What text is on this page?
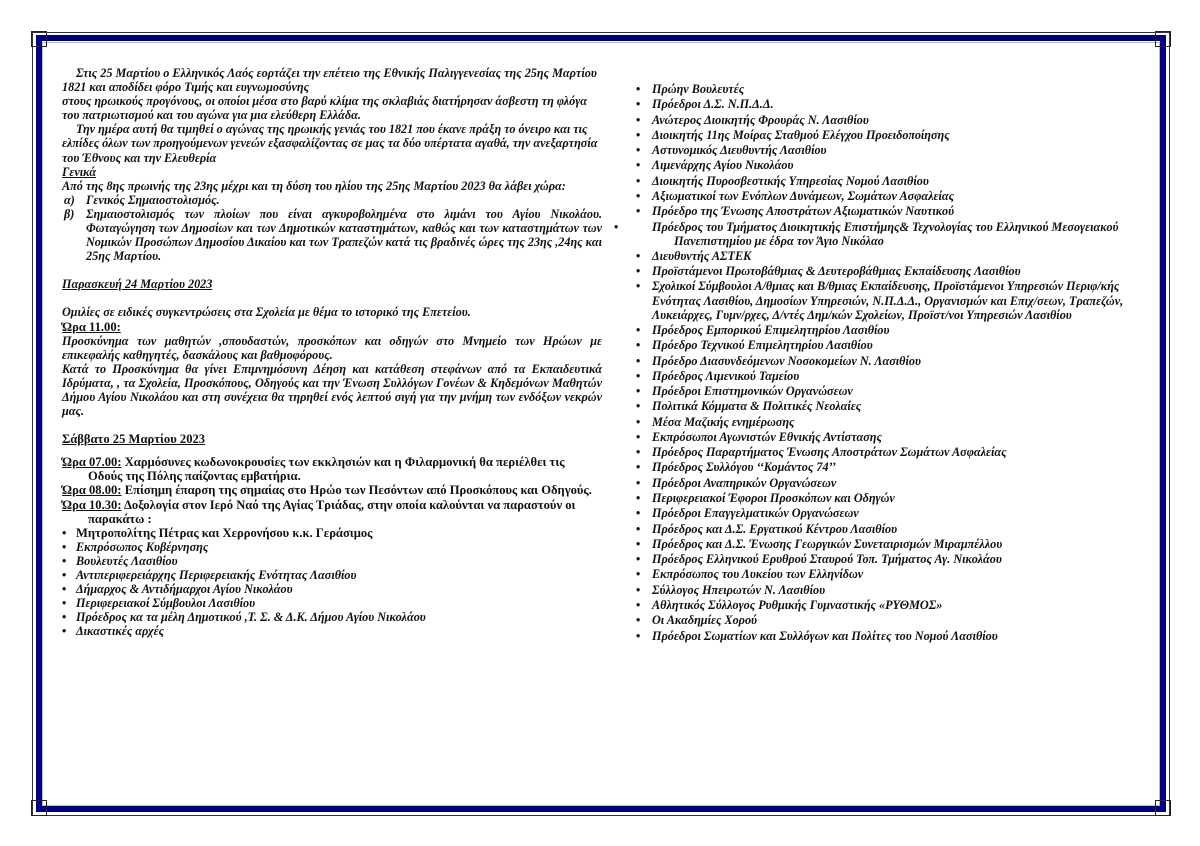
Στις 25 Μαρτίου ο Ελληνικός Λαός εορτάζει την επέτειο της Εθνικής Παλιγγενεσίας της 25ης Μαρτίου 1821 και αποδίδει φόρο Τιμής και ευγνωμοσύνης

στους ηρωικούς προγόνους, οι οποίοι μέσα στο βαρύ κλίμα της σκλαβιάς διατήρησαν άσβεστη τη φλόγα του πατριωτισμού και του αγώνα για μια ελεύθερη Ελλάδα.

Την ημέρα αυτή θα τιμηθεί ο αγώνας της ηρωικής γενιάς του 1821 που έκανε πράξη το όνειρο και τις ελπίδες όλων των προηγούμενων γενεών εξασφαλίζοντας σε μας τα δύο υπέρτατα αγαθά, την ανεξαρτησία του Έθνους και την Ελευθερία

Γενικά

Από της 8ης πρωινής της 23ης μέχρι και τη δύση του ηλίου της 25ης Μαρτίου 2023 θα λάβει χώρα:

α) Γενικός Σημαιοστολισμός.
β) Σημαιοστολισμός των πλοίων που είναι αγκυροβολημένα στο λιμάνι του Αγίου Νικολάου. Φωταγώγηση των Δημοσίων και των Δημοτικών καταστημάτων, καθώς και των καταστημάτων των Νομικών Προσώπων Δημοσίου Δικαίου και των Τραπεζών κατά τις βραδινές ώρες της 23ης ,24ης και 25ης Μαρτίου.

Παρασκευή 24 Μαρτίου 2023

Ομιλίες σε ειδικές συγκεντρώσεις στα Σχολεία με θέμα το ιστορικό της Επετείου.

Ώρα 11.00:

Προσκύνημα των μαθητών ,σπουδαστών, προσκόπων και οδηγών στο Μνημείο των Ηρώων με επικεφαλής καθηγητές, δασκάλους και βαθμοφόρους.

Κατά το Προσκύνημα θα γίνει Επιμνημόσυνη Δέηση και κατάθεση στεφάνων από τα Εκπαιδευτικά Ιδρύματα, , τα Σχολεία, Προσκόπους, Οδηγούς και την Ένωση Συλλόγων Γονέων & Κηδεμόνων Μαθητών Δήμου Αγίου Νικολάου και στη συνέχεια θα τηρηθεί ενός λεπτού σιγή για την μνήμη των ενδόξων νεκρών μας.

Σάββατο 25 Μαρτίου 2023

Ώρα 07.00: Χαρμόσυνες κωδωνοκρουσίες των εκκλησιών και η Φιλαρμονική θα περιέλθει τις Οδούς της Πόλης παίζοντας εμβατήρια.

Ώρα 08.00: Επίσημη έπαρση της σημαίας στο Ηρώο των Πεσόντων από Προσκόπους και Οδηγούς.

Ώρα 10.30: Δοξολογία στον Ιερό Ναό της Αγίας Τριάδας, στην οποία καλούνται να παραστούν οι παρακάτω :

• Μητροπολίτης Πέτρας και Χερρονήσου κ.κ. Γεράσιμος
• Εκπρόσωπος Κυβέρνησης
• Βουλευτές Λασιθίου
• Αντιπεριφερειάρχης Περιφερειακής Ενότητας Λασιθίου
• Δήμαρχος & Αντιδήμαρχοι Αγίου Νικολάου
• Περιφερειακοί Σύμβουλοι Λασιθίου
• Πρόεδρος κα τα μέλη Δημοτικού ,Τ. Σ. & Δ.Κ. Δήμου Αγίου Νικολάου
• Δικαστικές αρχές
• Πρώην Βουλευτές
• Πρόεδροι Δ.Σ. Ν.Π.Δ.Δ.
• Ανώτερος Διοικητής Φρουράς Ν. Λασιθίου
• Διοικητής 11ης Μοίρας Σταθμού Ελέγχου Προειδοποίησης
• Αστυνομικός Διευθυντής Λασιθίου
• Λιμενάρχης Αγίου Νικολάου
• Διοικητής Πυροσβεστικής Υπηρεσίας Νομού Λασιθίου
• Αξιωματικοί των Ενόπλων Δυνάμεων, Σωμάτων Ασφαλείας
• Πρόεδρο της Ένωσης Αποστράτων Αξιωματικών Ναυτικού
• Πρόεδρος του Τμήματος Διοικητικής Επιστήμης& Τεχνολογίας του Ελληνικού Μεσογειακού Πανεπιστημίου με έδρα τον Άγιο Νικόλαο
• Διευθυντής ΑΣΤΕΚ
• Προϊστάμενοι Πρωτοβάθμιας & Δευτεροβάθμιας Εκπαίδευσης Λασιθίου
• Σχολικοί Σύμβουλοι Α/θμιας και Β/θμιας Εκπαίδευσης, Προϊστάμενοι Υπηρεσιών Περιφ/κής Ενότητας Λασιθίου, Δημοσίων Υπηρεσιών, Ν.Π.Δ.Δ., Οργανισμών και Επιχ/σεων, Τραπεζών, Λυκειάρχες, Γυμν/ρχες, Δ/ντές Δημ/κών Σχολείων, Προϊστ/νοι Υπηρεσιών Λασιθίου
• Πρόεδρος Εμπορικού Επιμελητηρίου Λασιθίου
• Πρόεδρο Τεχνικού Επιμελητηρίου Λασιθίου
• Πρόεδρο Διασυνδεόμενων Νοσοκομείων Ν. Λασιθίου
• Πρόεδρος Λιμενικού Ταμείου
• Πρόεδροι Επιστημονικών Οργανώσεων
• Πολιτικά Κόμματα & Πολιτικές Νεολαίες
• Μέσα Μαζικής ενημέρωσης
• Εκπρόσωποι Αγωνιστών Εθνικής Αντίστασης
• Πρόεδρος Παραρτήματος Ένωσης Αποστράτων Σωμάτων Ασφαλείας
• Πρόεδρος Συλλόγου ‘‘Κομάντος 74’’
• Πρόεδροι Αναπηρικών Οργανώσεων
• Περιφερειακοί Έφοροι Προσκόπων και Οδηγών
• Πρόεδροι Επαγγελματικών Οργανώσεων
• Πρόεδρος και Δ.Σ. Εργατικού Κέντρου Λασιθίου
• Πρόεδρος και Δ.Σ. Ένωσης Γεωργικών Συνεταιρισμών Μιραμπέλλου
• Πρόεδρος Ελληνικού Ερυθρού Σταυρού Τοπ. Τμήματος Αγ. Νικολάου
• Εκπρόσωπος του Λυκείου των Ελληνίδων
• Σύλλογος Ηπειρωτών Ν. Λασιθίου
• Αθλητικός Σύλλογος Ρυθμικής Γυμναστικής «ΡΥΘΜΟΣ»
• Οι Ακαδημίες Χορού
• Πρόεδροι Σωματίων και Συλλόγων και Πολίτες του Νομού Λασιθίου
